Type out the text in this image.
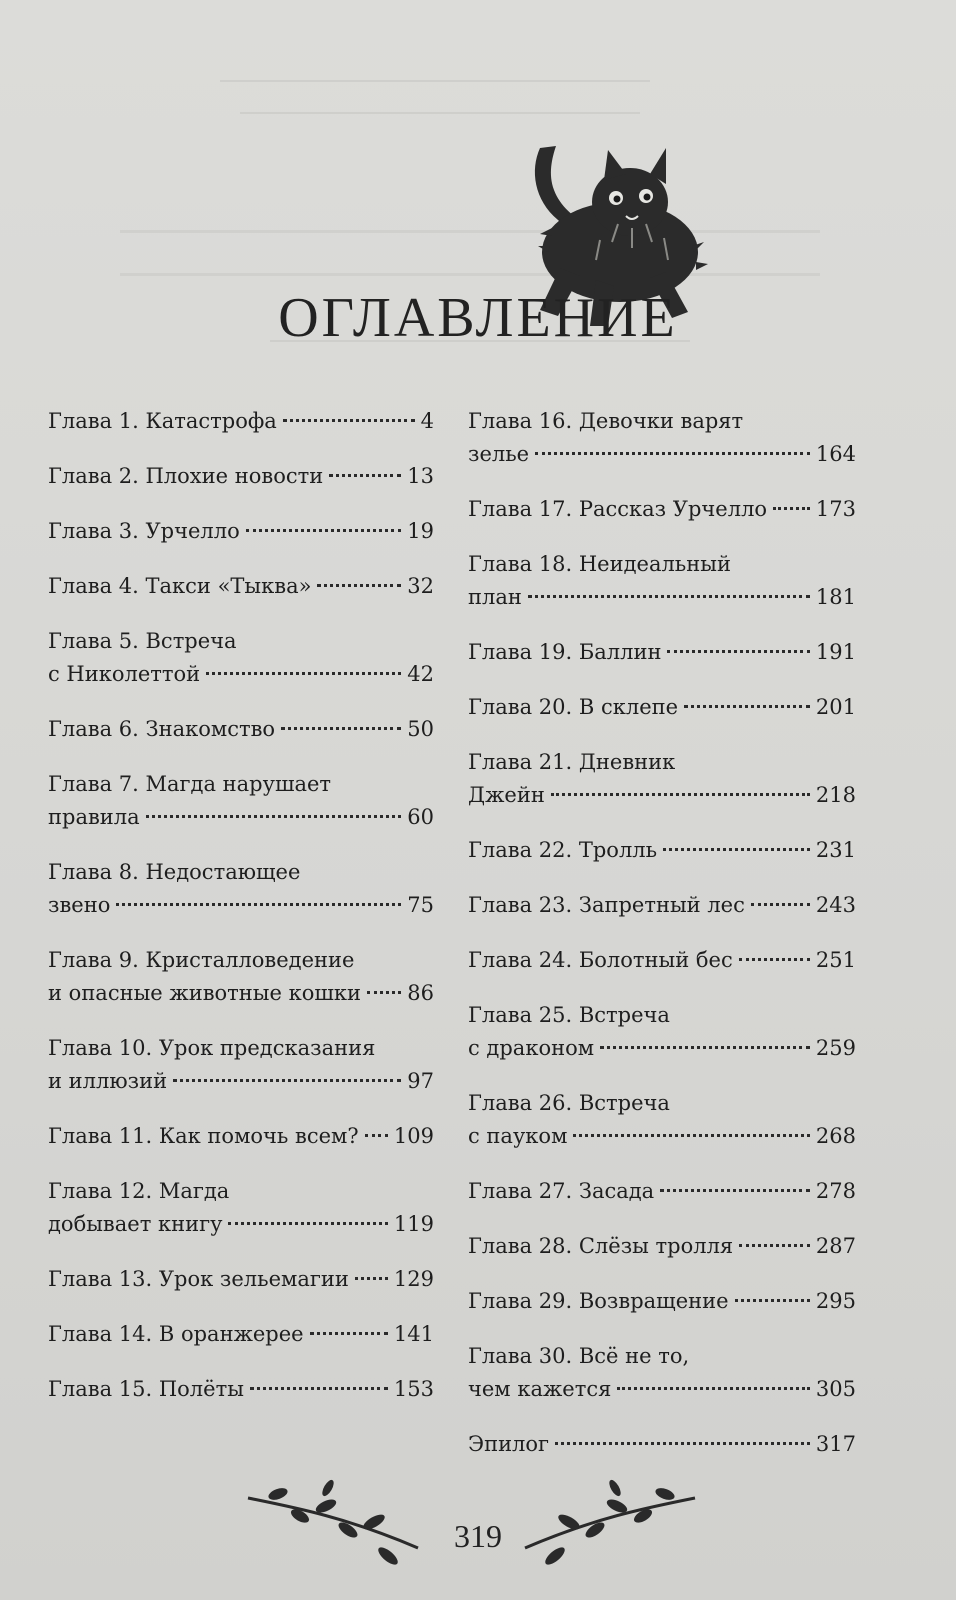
ОГЛАВЛЕНИЕ
Глава 1. Катастрофа	4
Глава 2. Плохие новости	13
Глава 3. Урчелло	19
Глава 4. Такси «Тыква»	32
Глава 5. Встреча
с Николеттой	42
Глава 6. Знакомство	50
Глава 7. Магда нарушает
правила	60
Глава 8. Недостающее
звено	75
Глава 9. Кристалловедение
и опасные животные кошки 86
Глава 10. Урок предсказания
и иллюзий	97
Глава 11. Как помочь всем? 109
Глава 12. Магда
добывает книгу	119
Глава 13. Урок зельемагии 129
Глава 14. В оранжерее	141
Глава 15. Полёты	153
Глава 16. Девочки варят
зелье	164
Глава 17. Рассказ Урчелло 173
Глава 18. Неидеальный
план	181
Глава 19. Баллин	191
Глава 20. В склепе	201
Глава 21. Дневник
Джейн	218
Глава 22. Тролль	231
Глава 23. Запретный лес	243
Глава 24. Болотный бес	251
Глава 25. Встреча
с драконом	259
Глава 26. Встреча
с пауком	268
Глава 27. Засада	278
Глава 28. Слёзы тролля	287
Глава 29. Возвращение	295
Глава 30. Всё не то,
чем кажется	305
Эпилог	317
319
